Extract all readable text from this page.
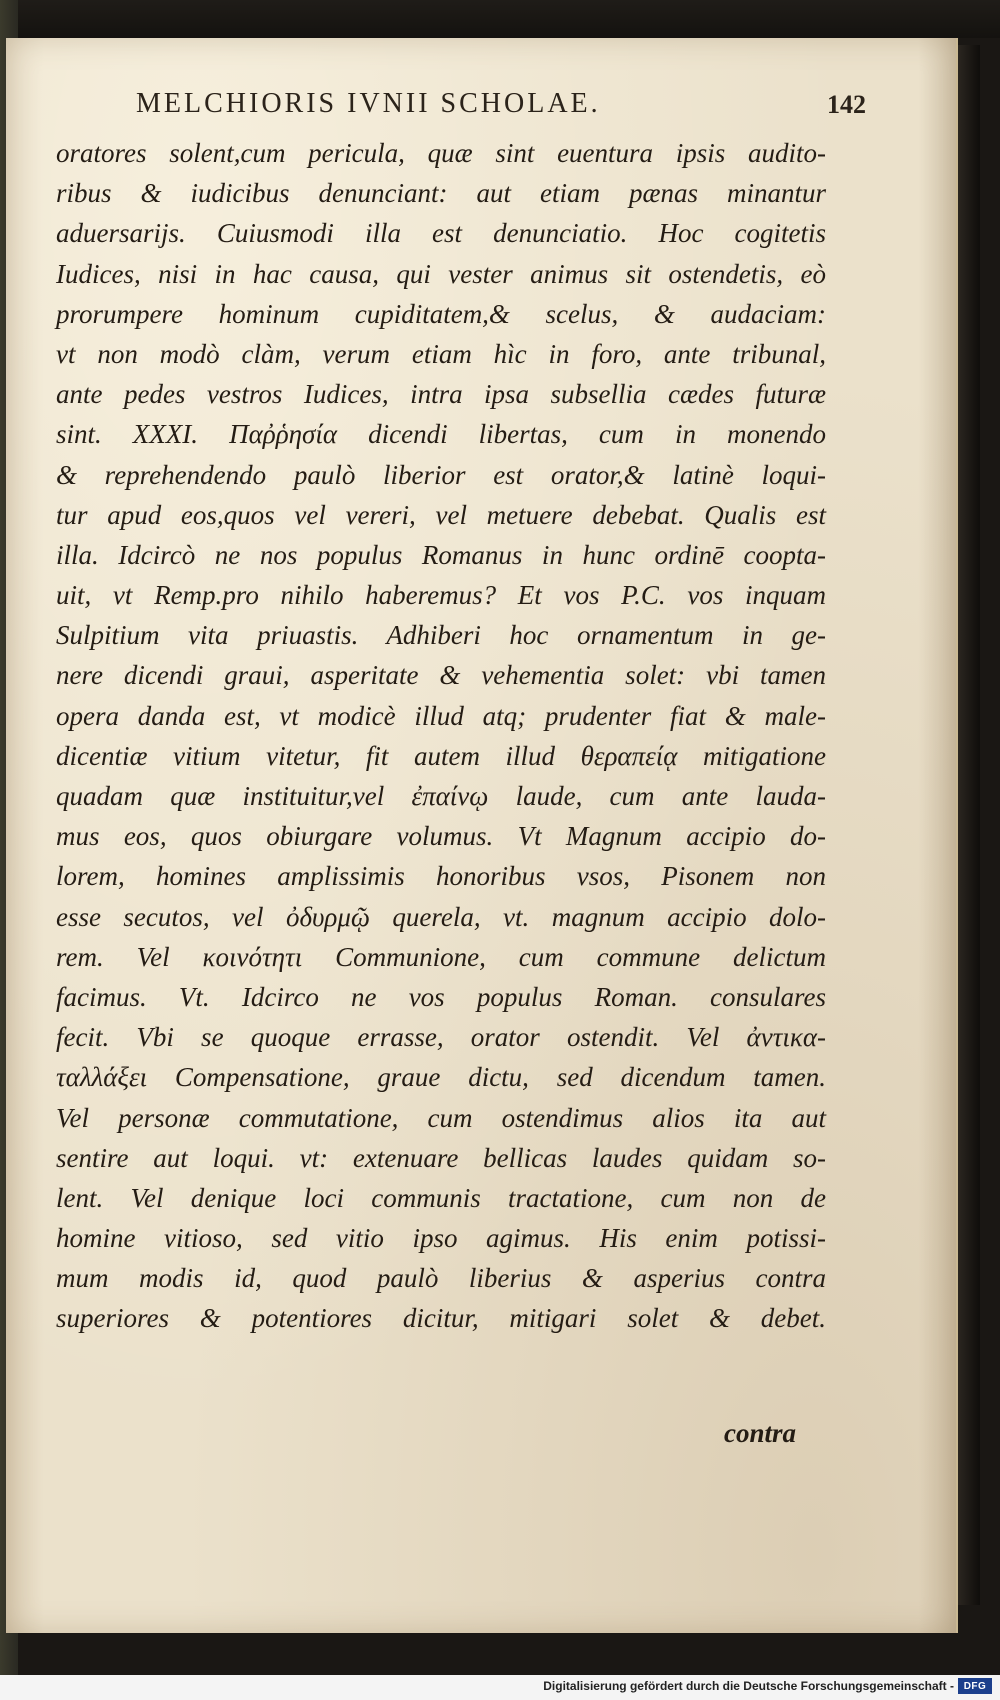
MELCHIORIS IVNII SCHOLAE.	142
oratores solent,cum pericula, quæ sint euentura ipsis audito-
ribus & iudicibus denunciant: aut etiam pænas minantur
aduersarijs. Cuiusmodi illa est denunciatio. Hoc cogitetis
Iudices, nisi in hac causa, qui vester animus sit ostendetis, eò
prorumpere hominum cupiditatem,& scelus, & audaciam:
vt non modò clàm, verum etiam hìc in foro, ante tribunal,
ante pedes vestros Iudices, intra ipsa subsellia cædes futuræ
sint. XXXI. Παῤῥησία dicendi libertas, cum in monendo
& reprehendendo paulò liberior est orator,& latinè loqui-
tur apud eos,quos vel vereri, vel metuere debebat. Qualis est
illa. Idcircò ne nos populus Romanus in hunc ordinē coopta-
uit, vt Remp.pro nihilo haberemus? Et vos P.C. vos inquam
Sulpitium vita priuastis. Adhiberi hoc ornamentum in ge-
nere dicendi graui, asperitate & vehementia solet: vbi tamen
opera danda est, vt modicè illud atq; prudenter fiat & male-
dicentiæ vitium vitetur, fit autem illud θεραπείᾳ mitigatione
quadam quæ instituitur,vel ἐπαίνῳ laude, cum ante lauda-
mus eos, quos obiurgare volumus. Vt Magnum accipio do-
lorem, homines amplissimis honoribus vsos, Pisonem non
esse secutos, vel ὀδυρμῷ querela, vt. magnum accipio dolo-
rem. Vel κοινότητι Communione, cum commune delictum
facimus. Vt. Idcirco ne vos populus Roman. consulares
fecit. Vbi se quoque errasse, orator ostendit. Vel ἀντικα-
ταλλάξει Compensatione, graue dictu, sed dicendum tamen.
Vel personæ commutatione, cum ostendimus alios ita aut
sentire aut loqui. vt: extenuare bellicas laudes quidam so-
lent. Vel denique loci communis tractatione, cum non de
homine vitioso, sed vitio ipso agimus. His enim potissi-
mum modis id, quod paulò liberius & asperius contra
superiores & potentiores dicitur, mitigari solet & debet.
contra
Digitalisierung gefördert durch die Deutsche Forschungsgemeinschaft - DFG
